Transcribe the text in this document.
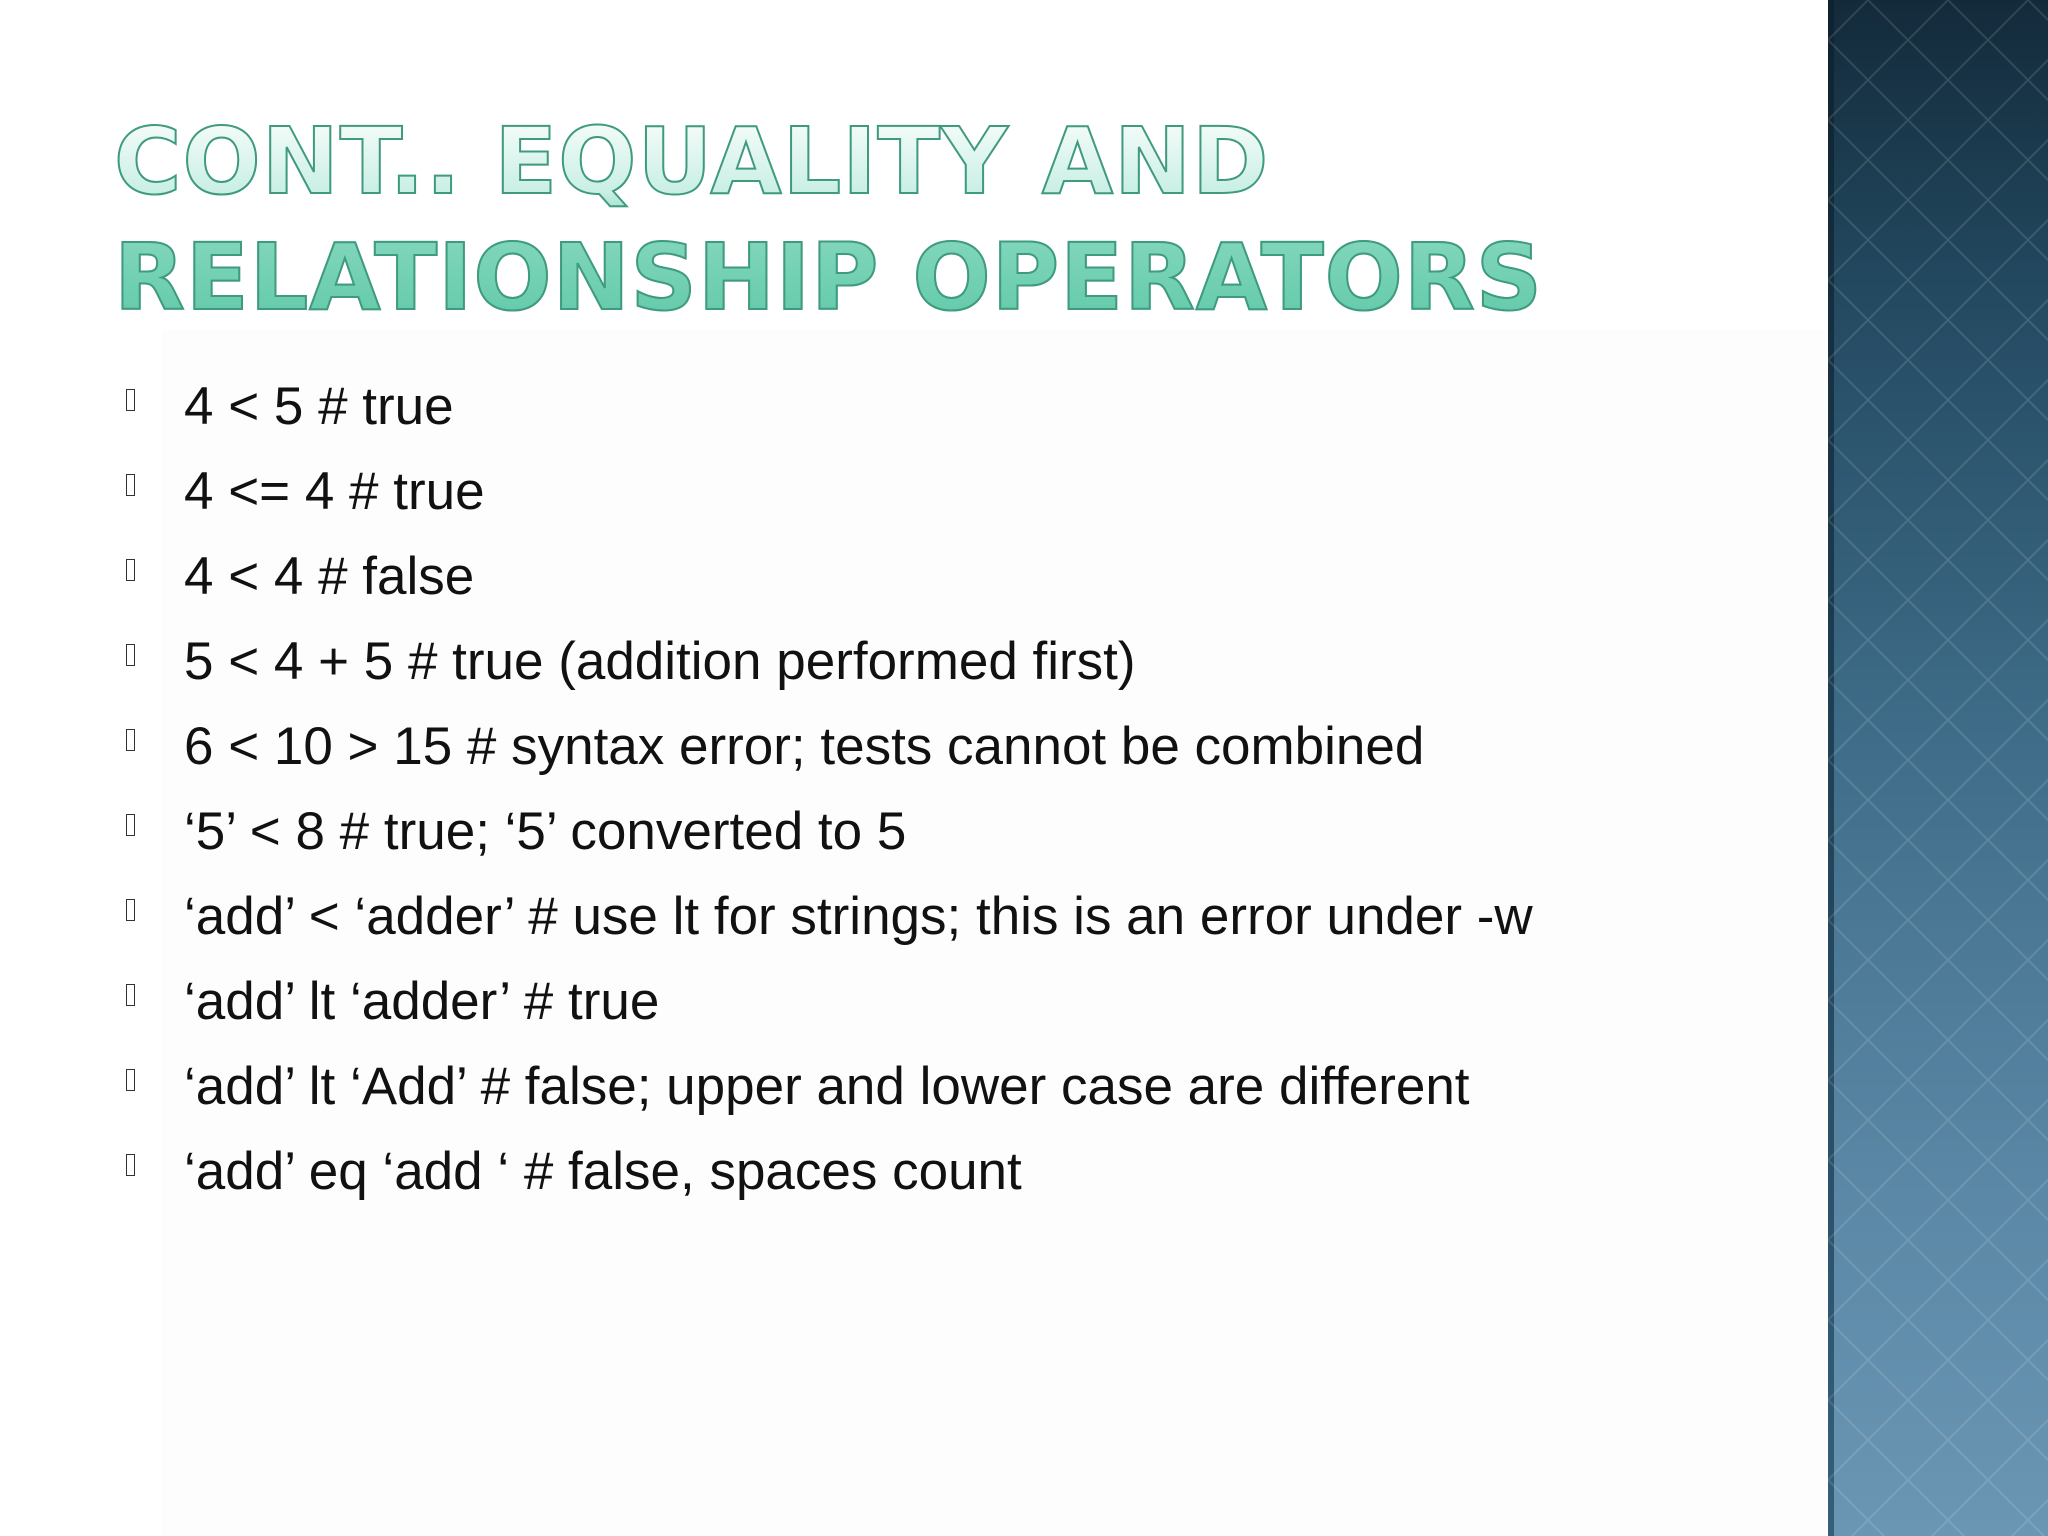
CONT.. EQUALITY AND
RELATIONSHIP OPERATORS
4 < 5 # true
4 <= 4 # true
4 < 4 # false
5 < 4 + 5 # true (addition performed first)
6 < 10 > 15 # syntax error; tests cannot be combined
‘5’ < 8 # true; ‘5’ converted to 5
‘add’ < ‘adder’ # use lt for strings; this is an error under -w
‘add’ lt ‘adder’ # true
‘add’ lt ‘Add’ # false; upper and lower case are different
‘add’ eq ‘add ‘ # false, spaces count
